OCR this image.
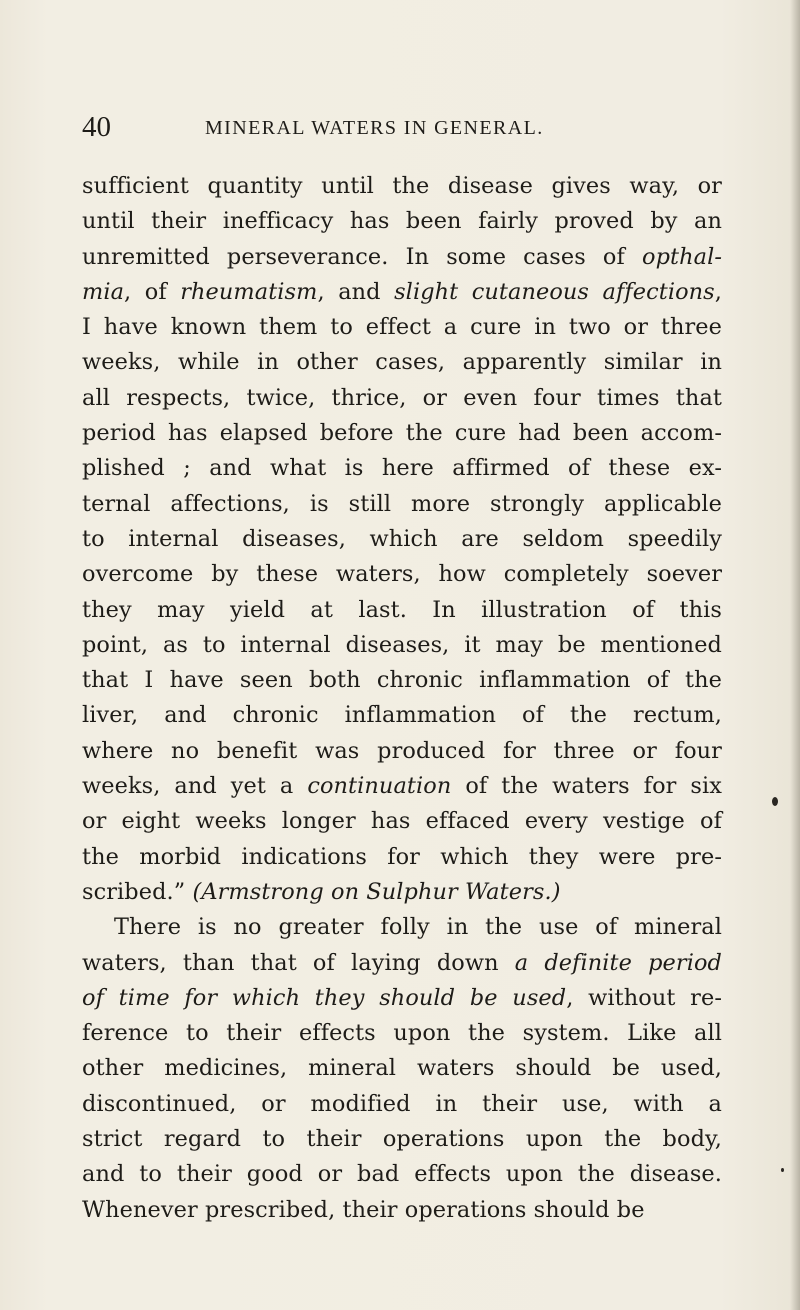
40	MINERAL WATERS IN GENERAL.
sufficient quantity until the disease gives way, or
until their inefficacy has been fairly proved by an
unremitted perseverance. In some cases of opthal-
mia, of rheumatism, and slight cutaneous affections,
I have known them to effect a cure in two or three
weeks, while in other cases, apparently similar in
all respects, twice, thrice, or even four times that
period has elapsed before the cure had been accom-
plished ; and what is here affirmed of these ex-
ternal affections, is still more strongly applicable
to internal diseases, which are seldom speedily
overcome by these waters, how completely soever
they may yield at last. In illustration of this
point, as to internal diseases, it may be mentioned
that I have seen both chronic inflammation of the
liver, and chronic inflammation of the rectum,
where no benefit was produced for three or four
weeks, and yet a continuation of the waters for six
or eight weeks longer has effaced every vestige of
the morbid indications for which they were pre-
scribed.” (Armstrong on Sulphur Waters.)
There is no greater folly in the use of mineral
waters, than that of laying down a definite period
of time for which they should be used, without re-
ference to their effects upon the system. Like all
other medicines, mineral waters should be used,
discontinued, or modified in their use, with a
strict regard to their operations upon the body,
and to their good or bad effects upon the disease.
Whenever prescribed, their operations should be
